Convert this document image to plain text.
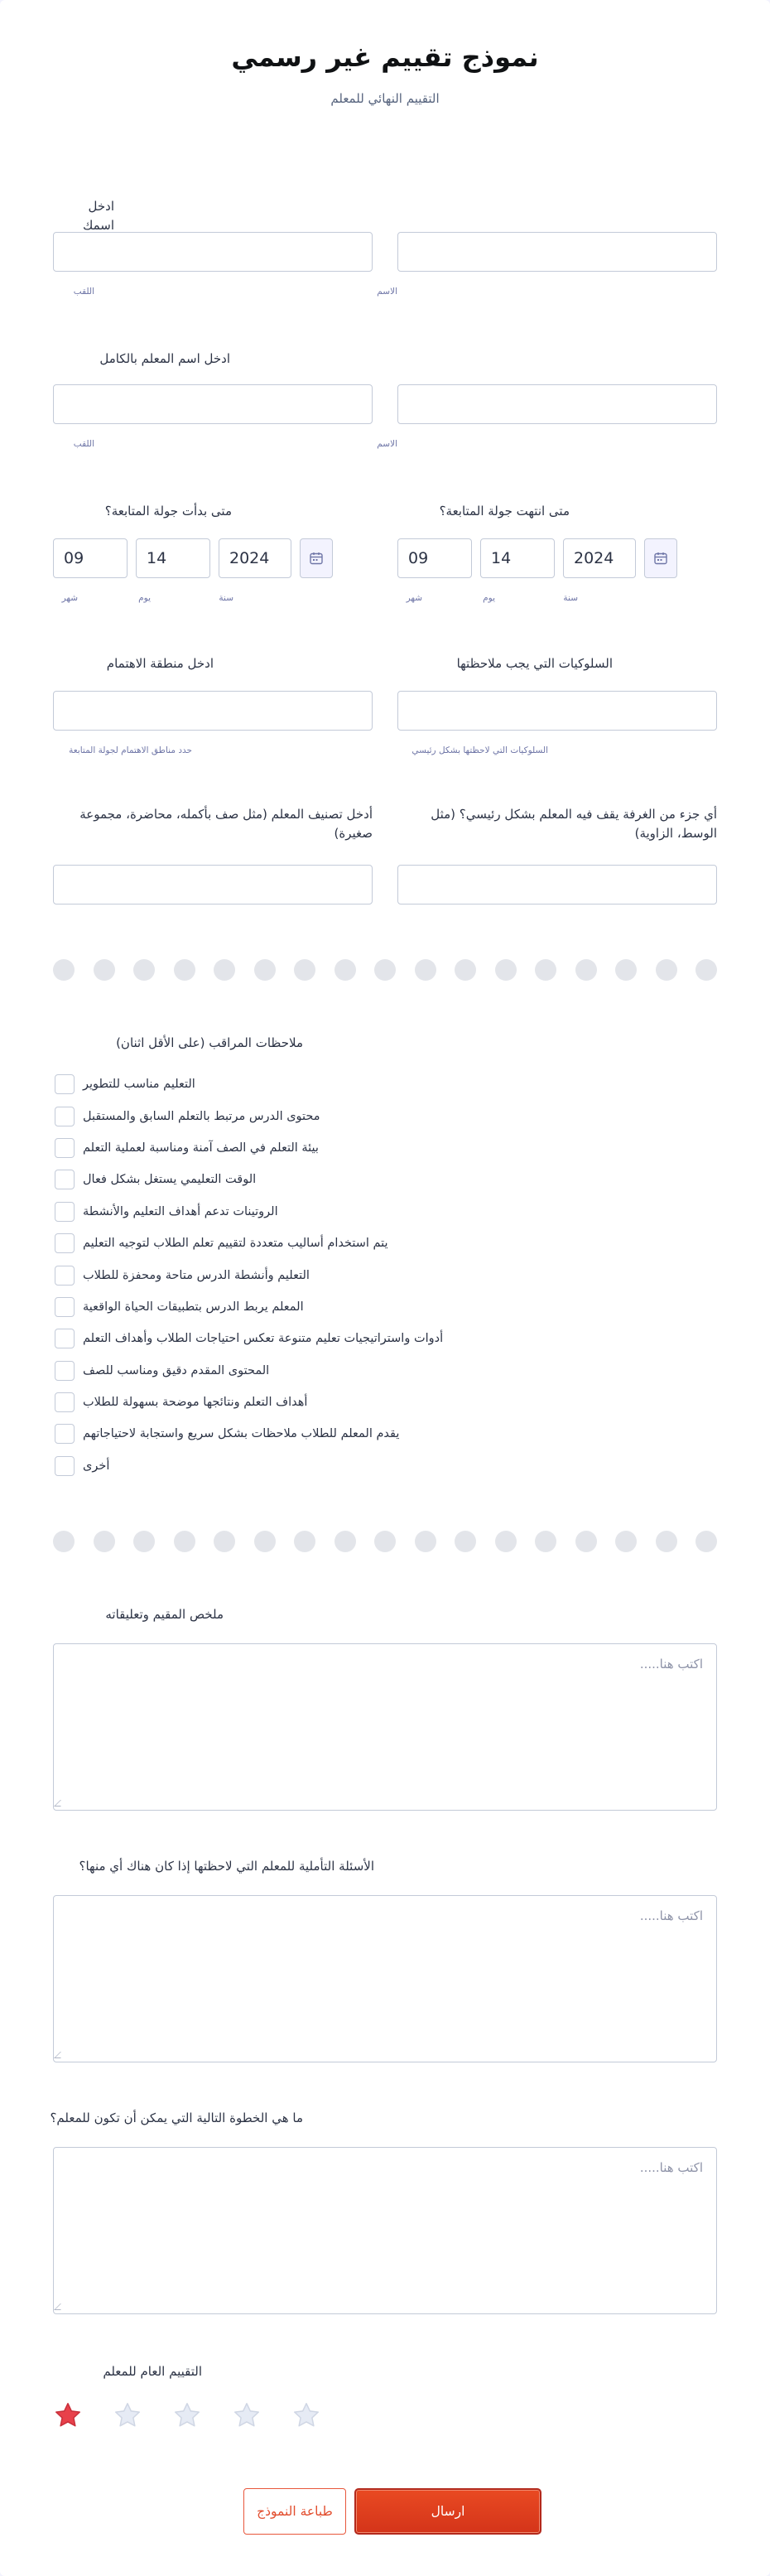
نموذج تقييم غير رسمي
التقييم النهائي للمعلم
ادخل اسمك
الاسم
اللقب
ادخل اسم المعلم بالكامل
الاسم
اللقب
متى بدأت جولة المتابعة؟
09	14	2024
شهر	يوم	سنة
متى انتهت جولة المتابعة؟
09	14	2024
شهر	يوم	سنة
السلوكيات التي يجب ملاحظتها
السلوكيات التي لاحظتها بشكل رئيسي
ادخل منطقة الاهتمام
حدد مناطق الاهتمام لجولة المتابعة
أي جزء من الغرفة يقف فيه المعلم بشكل رئيسي؟ (مثل الوسط، الزاوية)
أدخل تصنيف المعلم (مثل صف بأكمله، محاضرة، مجموعة صغيرة)
ملاحظات المراقب (على الأقل اثنان)
التعليم مناسب للتطوير
محتوى الدرس مرتبط بالتعلم السابق والمستقبل
بيئة التعلم في الصف آمنة ومناسبة لعملية التعلم
الوقت التعليمي يستغل بشكل فعال
الروتينات تدعم أهداف التعليم والأنشطة
يتم استخدام أساليب متعددة لتقييم تعلم الطلاب لتوجيه التعليم
التعليم وأنشطة الدرس متاحة ومحفزة للطلاب
المعلم يربط الدرس بتطبيقات الحياة الواقعية
أدوات واستراتيجيات تعليم متنوعة تعكس احتياجات الطلاب وأهداف التعلم
المحتوى المقدم دقيق ومناسب للصف
أهداف التعلم ونتائجها موضحة بسهولة للطلاب
يقدم المعلم للطلاب ملاحظات بشكل سريع واستجابة لاحتياجاتهم
أخرى
ملخص المقيم وتعليقاته
اكتب هنا.....
الأسئلة التأملية للمعلم التي لاحظتها إذا كان هناك أي منها؟
اكتب هنا.....
ما هي الخطوة التالية التي يمكن أن تكون للمعلم؟
اكتب هنا.....
التقييم العام للمعلم
طباعة النموذج	ارسال
